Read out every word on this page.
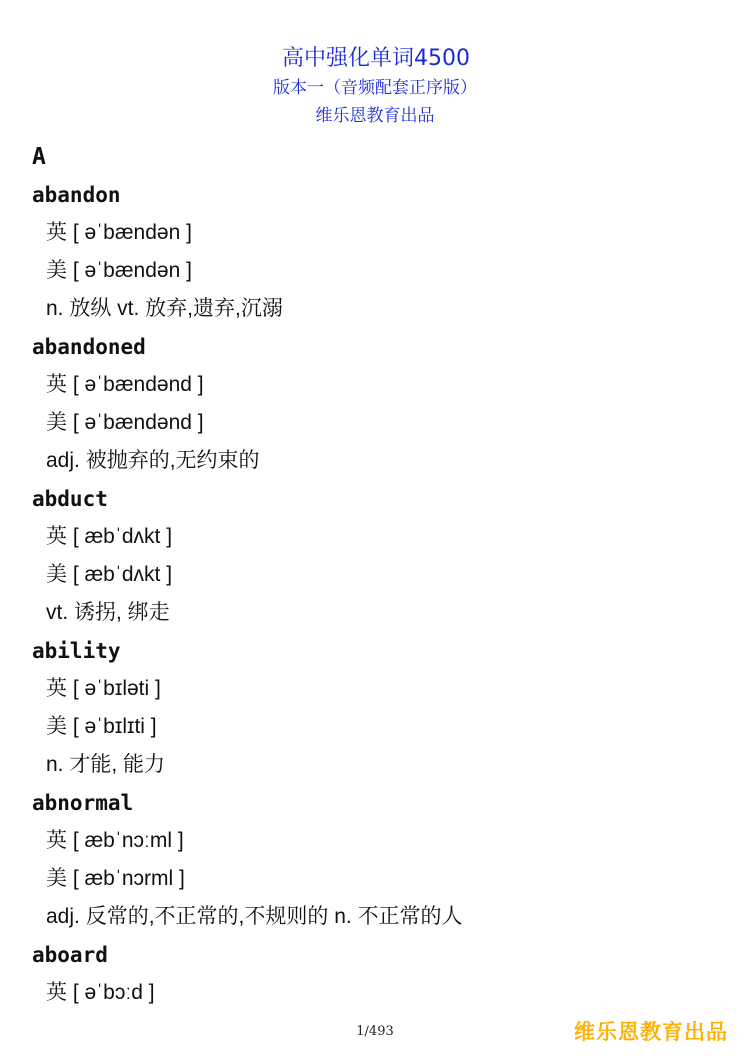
高中强化单词4500
版本一（音频配套正序版）
维乐恩教育出品
A
abandon
英 [ əˈbændən ]
美 [ əˈbændən ]
n. 放纵 vt. 放弃,遗弃,沉溺
abandoned
英 [ əˈbændənd ]
美 [ əˈbændənd ]
adj. 被抛弃的,无约束的
abduct
英 [ æbˈdʌkt ]
美 [ æbˈdʌkt ]
vt. 诱拐, 绑走
ability
英 [ əˈbɪləti ]
美 [ əˈbɪlɪti ]
n. 才能, 能力
abnormal
英 [ æbˈnɔːml ]
美 [ æbˈnɔrml ]
adj. 反常的,不正常的,不规则的 n. 不正常的人
aboard
英 [ əˈbɔːd ]
1/493	维乐恩教育出品
